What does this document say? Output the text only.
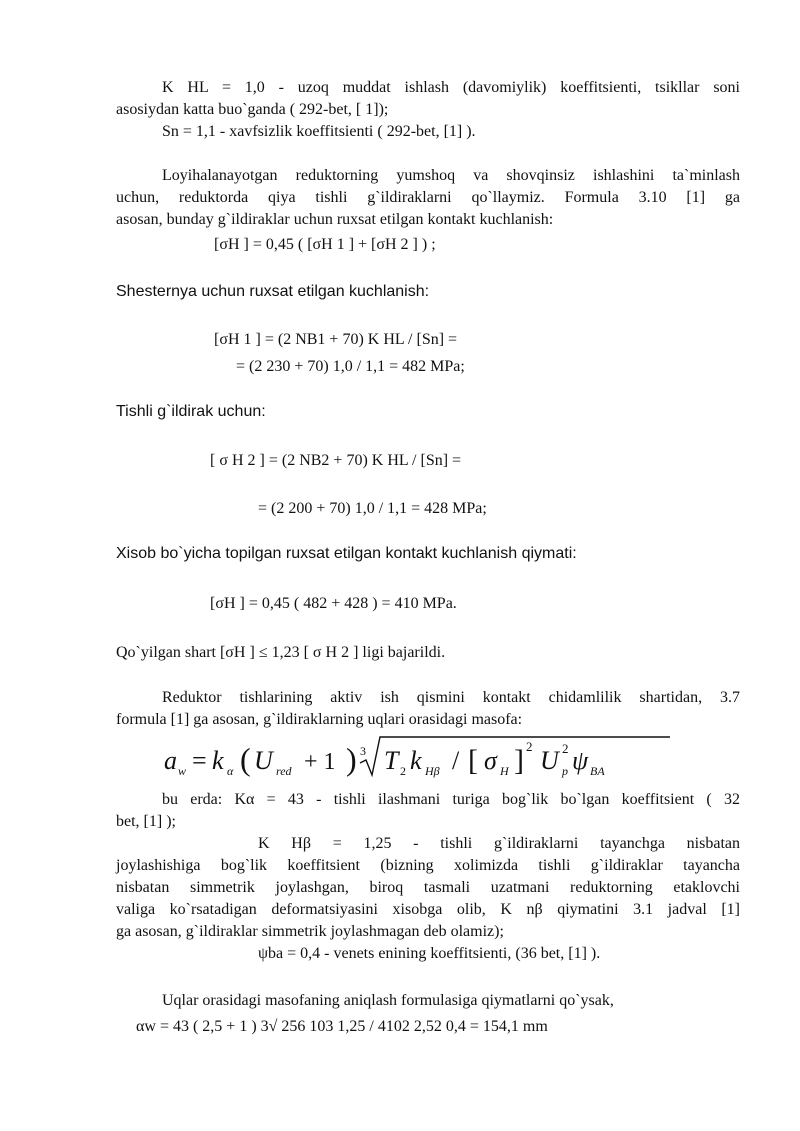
K HL = 1,0 - uzoq muddat ishlash (davomiylik) koeffitsienti, tsikllar soni
asosiydan katta buo`ganda ( 292-bet, [ 1]);
Sn = 1,1 - xavfsizlik koeffitsienti ( 292-bet, [1] ).
Loyihalanayotgan reduktorning yumshoq va shovqinsiz ishlashini ta`minlash
uchun, reduktorda qiya tishli g`ildiraklarni qo`llaymiz. Formula 3.10 [1] ga
asosan, bunday g`ildiraklar uchun ruxsat etilgan kontakt kuchlanish:
[σH ] = 0,45 ( [σH 1 ] + [σH 2 ] ) ;
Shesternya uchun ruxsat etilgan kuchlanish:
[σH 1 ] = (2 NB1 + 70) K HL / [Sn] =
= (2 230 + 70) 1,0 / 1,1 = 482 MPa;
Tishli g`ildirak uchun:
[ σ H 2 ] = (2 NB2 + 70) K HL / [Sn] =
= (2 200 + 70) 1,0 / 1,1 = 428 MPa;
Xisob bo`yicha topilgan ruxsat etilgan kontakt kuchlanish qiymati:
[σH ] = 0,45 ( 482 + 428 ) = 410 MPa.
Qo`yilgan shart [σH ] ≤ 1,23 [ σ H 2 ] ligi bajarildi.
Reduktor tishlarining aktiv ish qismini kontakt chidamlilik shartidan, 3.7
formula [1] ga asosan, g`ildiraklarning uqlari orasidagi masofa:
a w = k α ( U red + 1 ) 3 T 2 k Hβ / [ σ H ] 2 U 2
p ψ BA
bu erda: Kα = 43 - tishli ilashmani turiga bog`lik bo`lgan koeffitsient ( 32
bet, [1] );
K Hβ = 1,25 - tishli g`ildiraklarni tayanchga nisbatan
joylashishiga bog`lik koeffitsient (bizning xolimizda tishli g`ildiraklar tayancha
nisbatan simmetrik joylashgan, biroq tasmali uzatmani reduktorning etaklovchi
valiga ko`rsatadigan deformatsiyasini xisobga olib, K nβ qiymatini 3.1 jadval [1]
ga asosan, g`ildiraklar simmetrik joylashmagan deb olamiz);
ψba = 0,4 - venets enining koeffitsienti, (36 bet, [1] ).
Uqlar orasidagi masofaning aniqlash formulasiga qiymatlarni qo`ysak,
αw = 43 ( 2,5 + 1 ) 3√ 256 103 1,25 / 4102 2,52 0,4 = 154,1 mm
